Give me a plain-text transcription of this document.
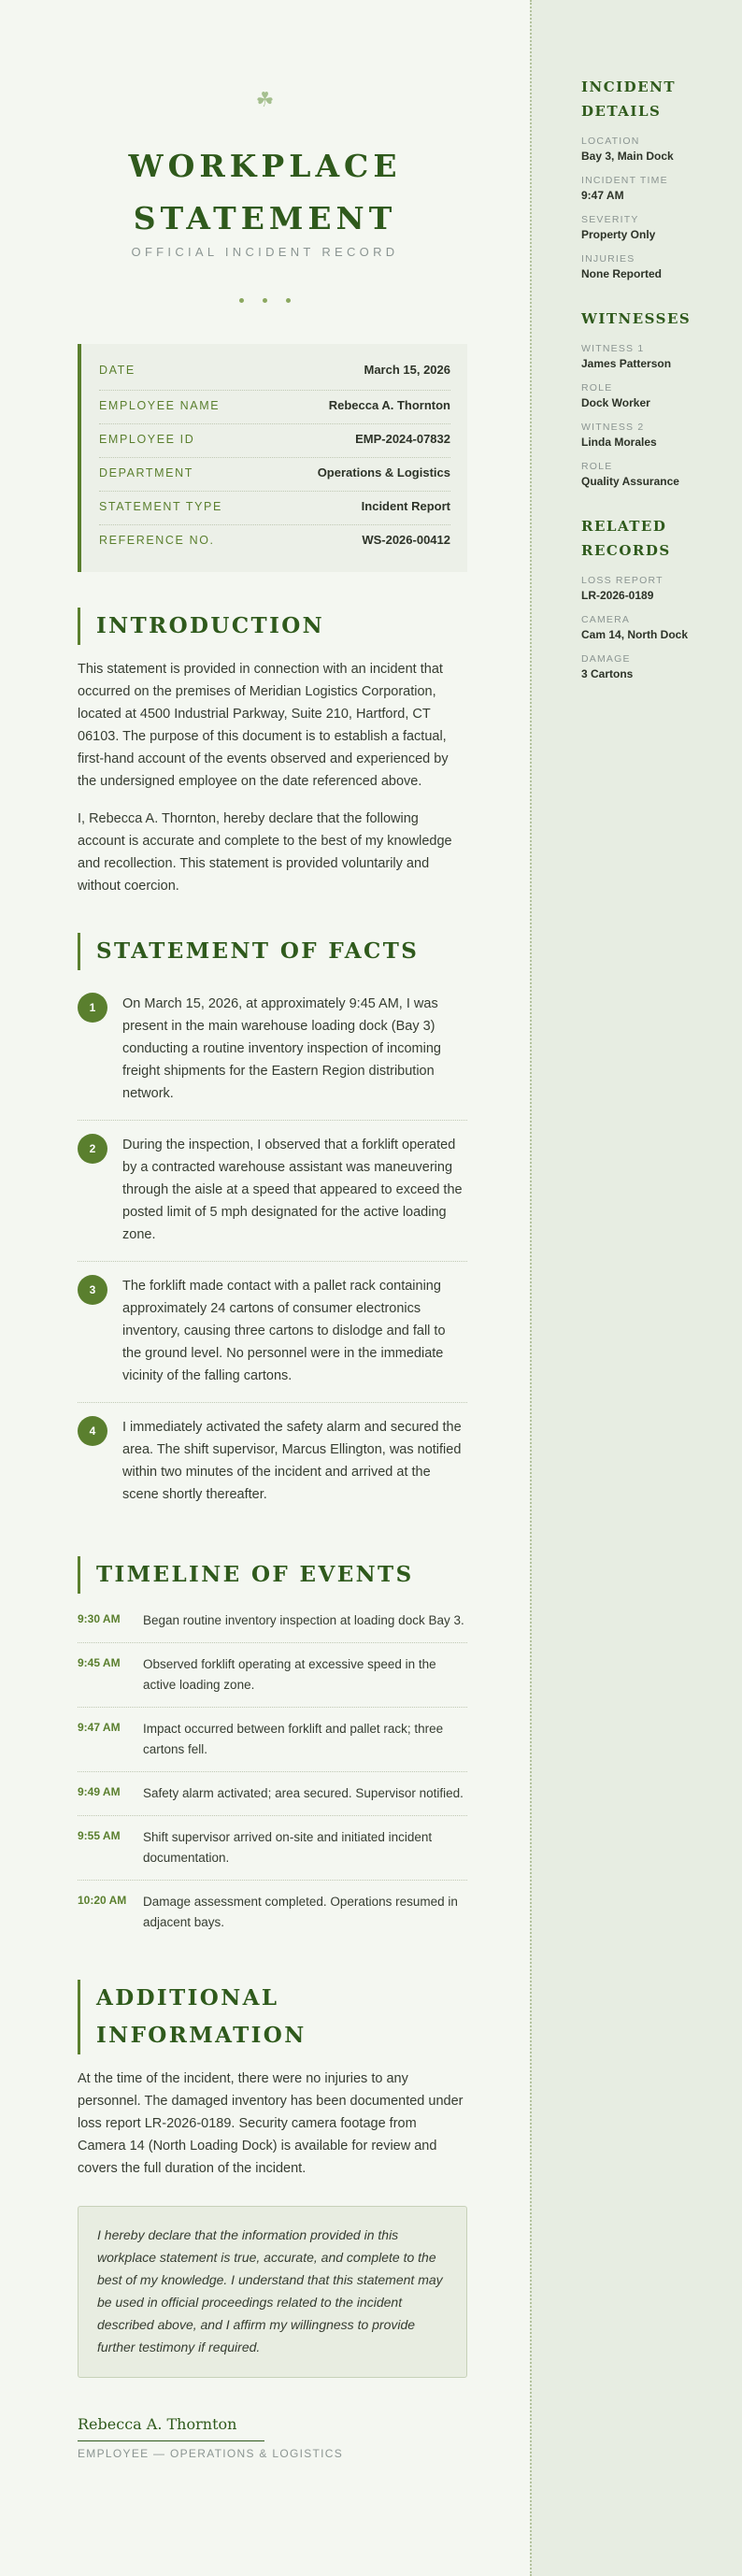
☘
WORKPLACE
STATEMENT
OFFICIAL INCIDENT RECORD
DATE	March 15, 2026
EMPLOYEE NAME	Rebecca A. Thornton
EMPLOYEE ID	EMP-2024-07832
DEPARTMENT	Operations & Logistics
STATEMENT TYPE	Incident Report
REFERENCE NO.	WS-2026-00412
INTRODUCTION

This statement is provided in connection with an incident that occurred on the premises of Meridian Logistics Corporation, located at 4500 Industrial Parkway, Suite 210, Hartford, CT 06103. The purpose of this document is to establish a factual, first-hand account of the events observed and experienced by the undersigned employee on the date referenced above.

I, Rebecca A. Thornton, hereby declare that the following account is accurate and complete to the best of my knowledge and recollection. This statement is provided voluntarily and without coercion.

STATEMENT OF FACTS
1	On March 15, 2026, at approximately 9:45 AM, I was present in the main warehouse loading dock (Bay 3) conducting a routine inventory inspection of incoming freight shipments for the Eastern Region distribution network.

2	During the inspection, I observed that a forklift operated by a contracted warehouse assistant was maneuvering through the aisle at a speed that appeared to exceed the posted limit of 5 mph designated for the active loading zone.

3	The forklift made contact with a pallet rack containing approximately 24 cartons of consumer electronics inventory, causing three cartons to dislodge and fall to the ground level. No personnel were in the immediate vicinity of the falling cartons.

4	I immediately activated the safety alarm and secured the area. The shift supervisor, Marcus Ellington, was notified within two minutes of the incident and arrived at the scene shortly thereafter.

TIMELINE OF EVENTS
9:30 AM	Began routine inventory inspection at loading dock Bay 3.
9:45 AM	Observed forklift operating at excessive speed in the active loading zone.
9:47 AM	Impact occurred between forklift and pallet rack; three cartons fell.
9:49 AM	Safety alarm activated; area secured. Supervisor notified.
9:55 AM	Shift supervisor arrived on-site and initiated incident documentation.
10:20 AM	Damage assessment completed. Operations resumed in adjacent bays.
ADDITIONAL
INFORMATION

At the time of the incident, there were no injuries to any personnel. The damaged inventory has been documented under loss report LR-2026-0189. Security camera footage from Camera 14 (North Loading Dock) is available for review and covers the full duration of the incident.

I hereby declare that the information provided in this workplace statement is true, accurate, and complete to the best of my knowledge. I understand that this statement may be used in official proceedings related to the incident described above, and I affirm my willingness to provide further testimony if required.
Rebecca A. Thornton
EMPLOYEE — OPERATIONS & LOGISTICS
INCIDENT
DETAILS
LOCATION
Bay 3, Main Dock
INCIDENT TIME
9:47 AM
SEVERITY
Property Only
INJURIES
None Reported
WITNESSES
WITNESS 1
James Patterson
ROLE
Dock Worker
WITNESS 2
Linda Morales
ROLE
Quality Assurance
RELATED
RECORDS
LOSS REPORT
LR-2026-0189
CAMERA
Cam 14, North Dock
DAMAGE
3 Cartons
